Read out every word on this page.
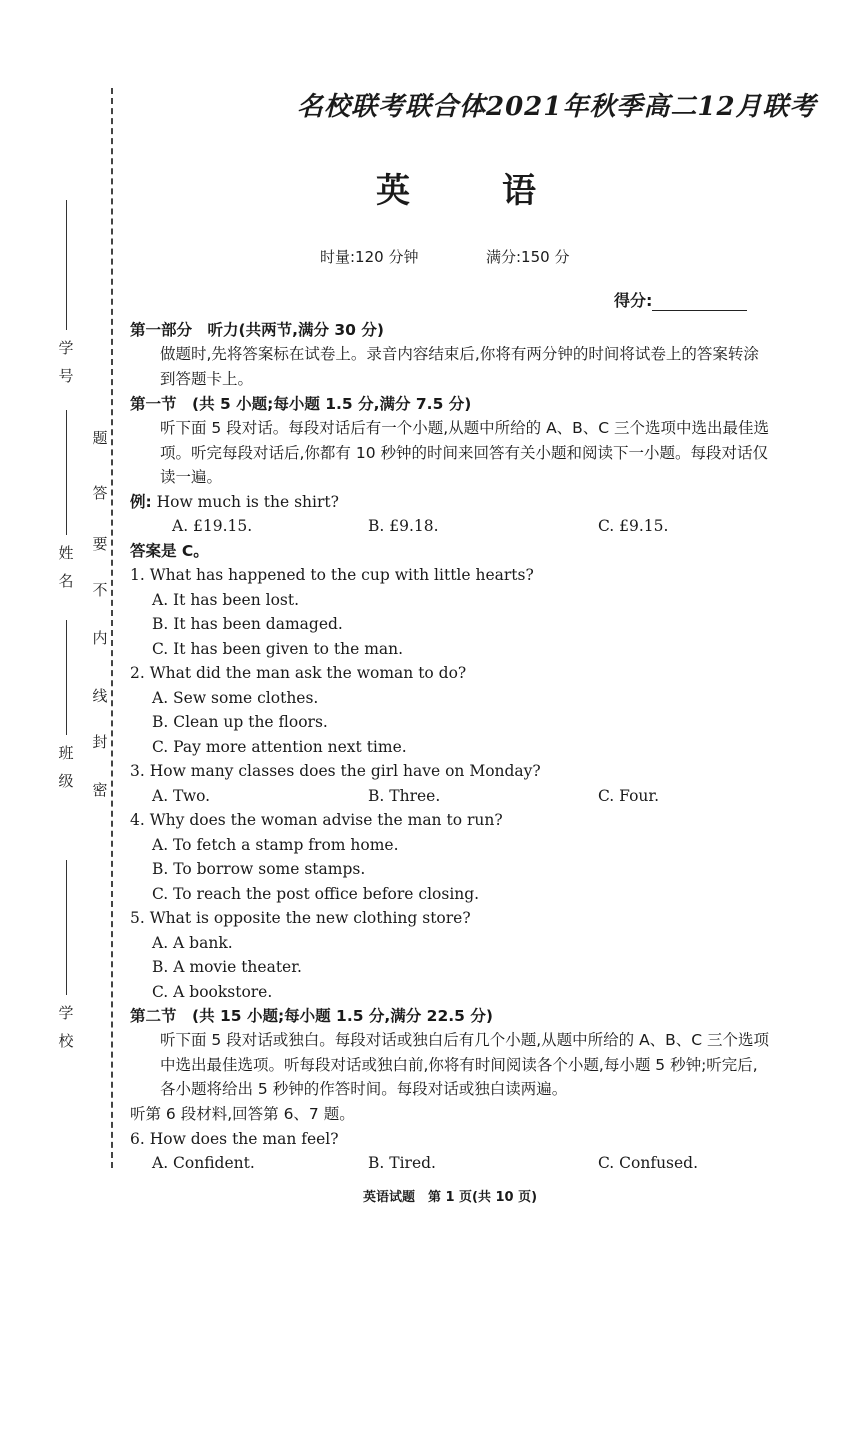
学
号
姓
名
班
级
学
校
密
封
线
内
不
要
答
题
名校联考联合体2021年秋季高二12月联考
英	语
时量:120 分钟	满分:150 分
得分:
第一部分　听力(共两节,满分 30 分)
做题时,先将答案标在试卷上。录音内容结束后,你将有两分钟的时间将试卷上的答案转涂到答题卡上。
第一节　(共 5 小题;每小题 1.5 分,满分 7.5 分)
听下面 5 段对话。每段对话后有一个小题,从题中所给的 A、B、C 三个选项中选出最佳选项。听完每段对话后,你都有 10 秒钟的时间来回答有关小题和阅读下一小题。每段对话仅读一遍。
例: How much is the shirt?
A. £19.15.	B. £9.18.	C. £9.15.
答案是 C。
1. What has happened to the cup with little hearts?
A. It has been lost.
B. It has been damaged.
C. It has been given to the man.
2. What did the man ask the woman to do?
A. Sew some clothes.
B. Clean up the floors.
C. Pay more attention next time.
3. How many classes does the girl have on Monday?
A. Two.	B. Three.	C. Four.
4. Why does the woman advise the man to run?
A. To fetch a stamp from home.
B. To borrow some stamps.
C. To reach the post office before closing.
5. What is opposite the new clothing store?
A. A bank.
B. A movie theater.
C. A bookstore.
第二节　(共 15 小题;每小题 1.5 分,满分 22.5 分)
听下面 5 段对话或独白。每段对话或独白后有几个小题,从题中所给的 A、B、C 三个选项中选出最佳选项。听每段对话或独白前,你将有时间阅读各个小题,每小题 5 秒钟;听完后,各小题将给出 5 秒钟的作答时间。每段对话或独白读两遍。
听第 6 段材料,回答第 6、7 题。
6. How does the man feel?
A. Confident.	B. Tired.	C. Confused.
英语试题　第 1 页(共 10 页)
